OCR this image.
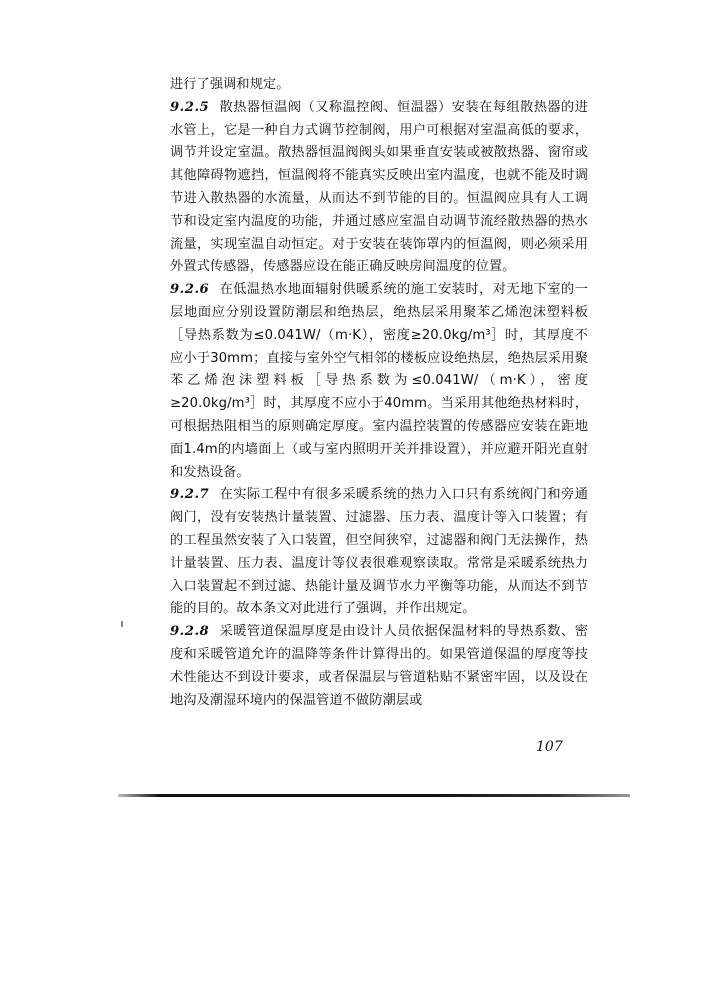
进行了强调和规定。

9.2.5 散热器恒温阀（又称温控阀、恒温器）安装在每组散热器的进水管上，它是一种自力式调节控制阀，用户可根据对室温高低的要求，调节并设定室温。散热器恒温阀阀头如果垂直安装或被散热器、窗帘或其他障碍物遮挡，恒温阀将不能真实反映出室内温度，也就不能及时调节进入散热器的水流量，从而达不到节能的目的。恒温阀应具有人工调节和设定室内温度的功能，并通过感应室温自动调节流经散热器的热水流量，实现室温自动恒定。对于安装在装饰罩内的恒温阀，则必须采用外置式传感器，传感器应设在能正确反映房间温度的位置。

9.2.6 在低温热水地面辐射供暖系统的施工安装时，对无地下室的一层地面应分别设置防潮层和绝热层，绝热层采用聚苯乙烯泡沫塑料板［导热系数为≤0.041W/（m·K），密度≥20.0kg/m³］时，其厚度不应小于30mm；直接与室外空气相邻的楼板应设绝热层，绝热层采用聚苯乙烯泡沫塑料板［导热系数为≤0.041W/（m·K），密度≥20.0kg/m³］时，其厚度不应小于40mm。当采用其他绝热材料时，可根据热阻相当的原则确定厚度。室内温控装置的传感器应安装在距地面1.4m的内墙面上（或与室内照明开关并排设置），并应避开阳光直射和发热设备。

9.2.7 在实际工程中有很多采暖系统的热力入口只有系统阀门和旁通阀门，没有安装热计量装置、过滤器、压力表、温度计等入口装置；有的工程虽然安装了入口装置，但空间狭窄，过滤器和阀门无法操作，热计量装置、压力表、温度计等仪表很难观察读取。常常是采暖系统热力入口装置起不到过滤、热能计量及调节水力平衡等功能，从而达不到节能的目的。故本条文对此进行了强调，并作出规定。

9.2.8 采暖管道保温厚度是由设计人员依据保温材料的导热系数、密度和采暖管道允许的温降等条件计算得出的。如果管道保温的厚度等技术性能达不到设计要求，或者保温层与管道粘贴不紧密牢固，以及设在地沟及潮湿环境内的保温管道不做防潮层或

107
